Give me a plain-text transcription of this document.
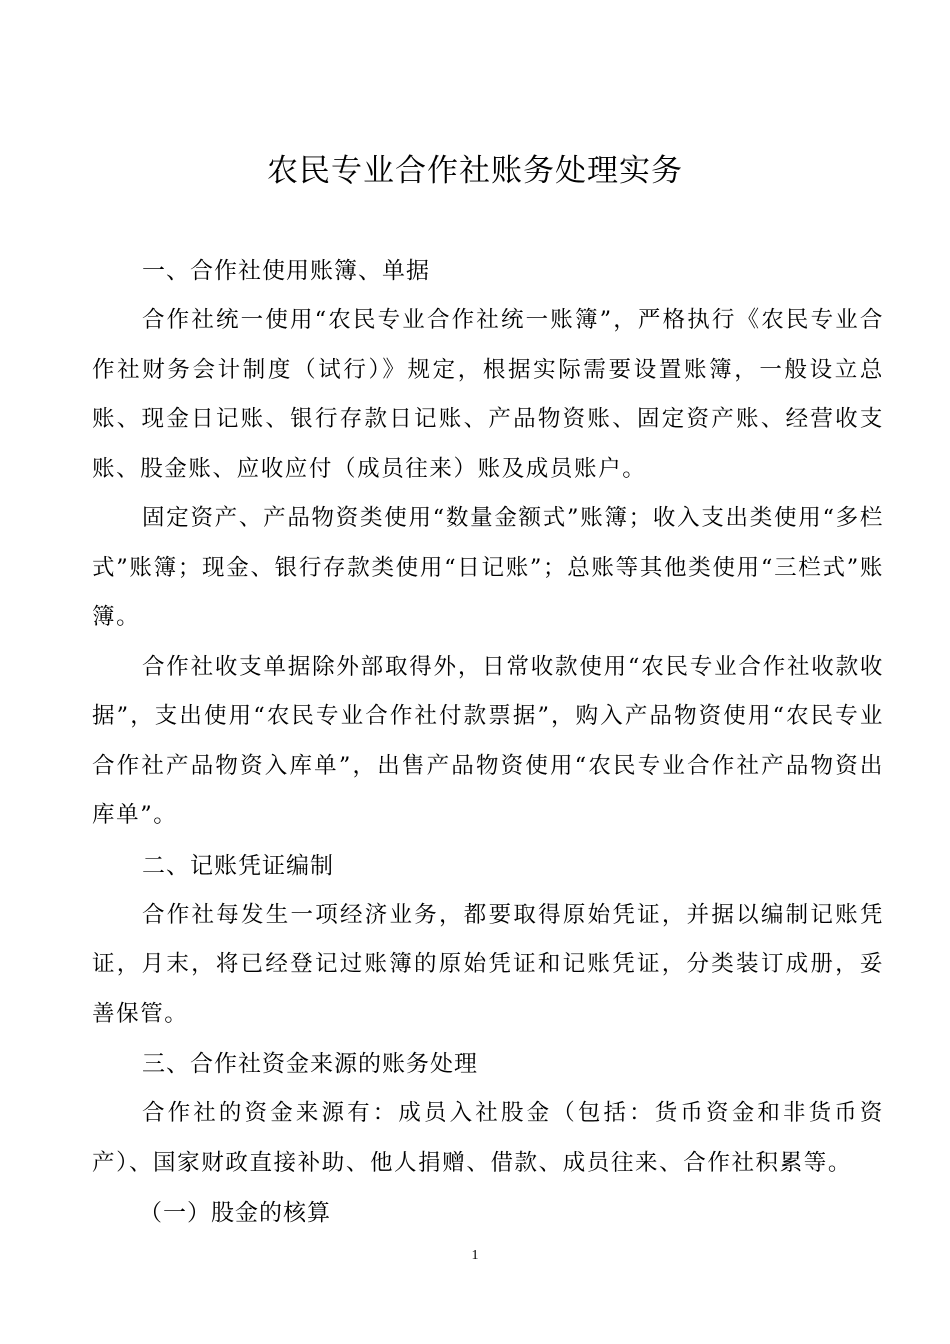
农民专业合作社账务处理实务
一、合作社使用账簿、单据

合作社统一使用“农民专业合作社统一账簿”，严格执行《农民专业合作社财务会计制度（试行）》规定，根据实际需要设置账簿，一般设立总账、现金日记账、银行存款日记账、产品物资账、固定资产账、经营收支账、股金账、应收应付（成员往来）账及成员账户。

固定资产、产品物资类使用“数量金额式”账簿；收入支出类使用“多栏式”账簿；现金、银行存款类使用“日记账”；总账等其他类使用“三栏式”账簿。

合作社收支单据除外部取得外，日常收款使用“农民专业合作社收款收据”，支出使用“农民专业合作社付款票据”，购入产品物资使用“农民专业合作社产品物资入库单”，出售产品物资使用“农民专业合作社产品物资出库单”。

二、记账凭证编制

合作社每发生一项经济业务，都要取得原始凭证，并据以编制记账凭证，月末，将已经登记过账簿的原始凭证和记账凭证，分类装订成册，妥善保管。

三、合作社资金来源的账务处理

合作社的资金来源有：成员入社股金（包括：货币资金和非货币资产）、国家财政直接补助、他人捐赠、借款、成员往来、合作社积累等。

（一）股金的核算
1
